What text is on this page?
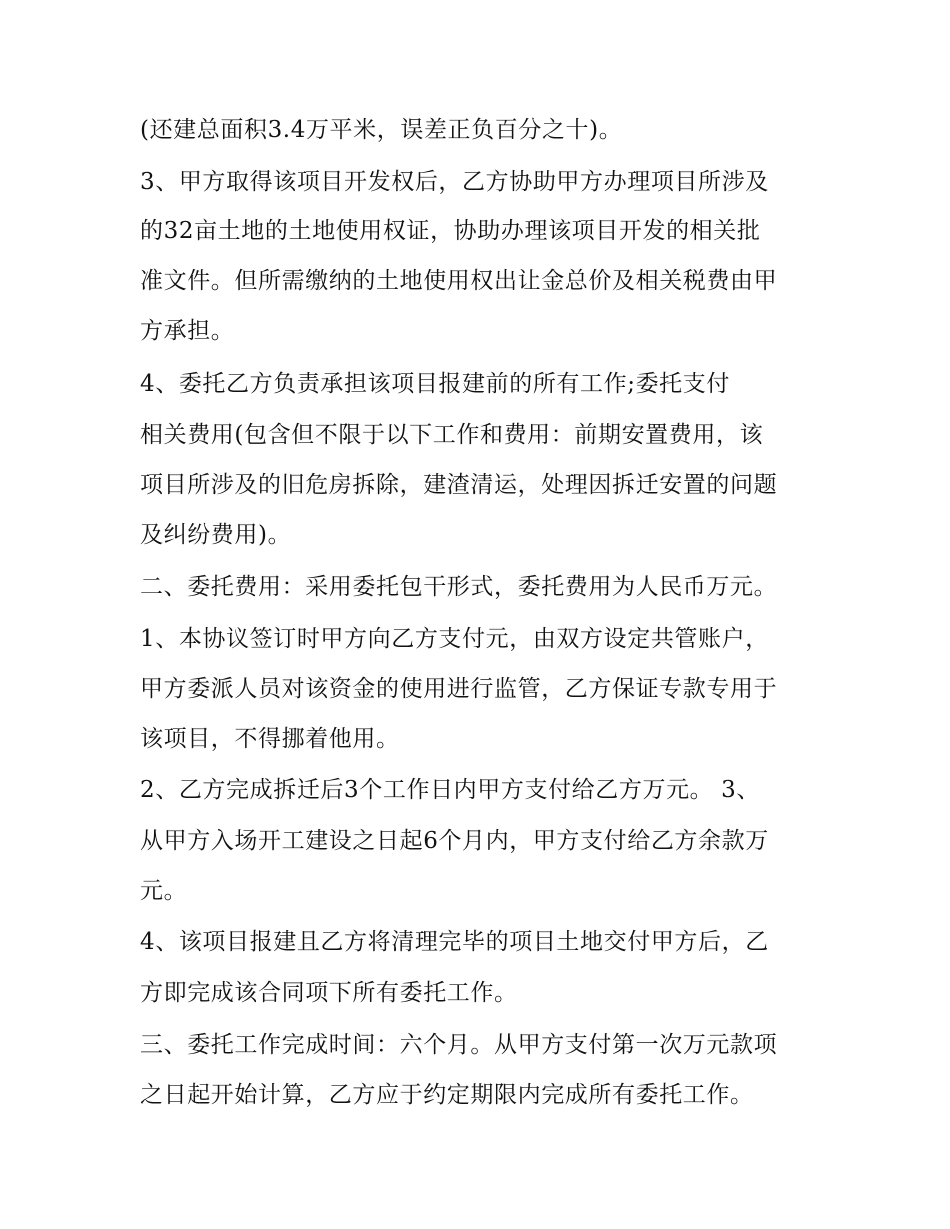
(还建总面积3.4万平米，误差正负百分之十)。
3、甲方取得该项目开发权后，乙方协助甲方办理项目所涉及
的32亩土地的土地使用权证，协助办理该项目开发的相关批
准文件。但所需缴纳的土地使用权出让金总价及相关税费由甲
方承担。
4、委托乙方负责承担该项目报建前的所有工作;委托支付
相关费用(包含但不限于以下工作和费用：前期安置费用，该
项目所涉及的旧危房拆除，建渣清运，处理因拆迁安置的问题
及纠纷费用)。
二、委托费用：采用委托包干形式，委托费用为人民币万元。
1、本协议签订时甲方向乙方支付元，由双方设定共管账户，
甲方委派人员对该资金的使用进行监管，乙方保证专款专用于
该项目，不得挪着他用。
2、乙方完成拆迁后3个工作日内甲方支付给乙方万元。 3、
从甲方入场开工建设之日起6个月内，甲方支付给乙方余款万
元。
4、该项目报建且乙方将清理完毕的项目土地交付甲方后，乙
方即完成该合同项下所有委托工作。
三、委托工作完成时间：六个月。从甲方支付第一次万元款项
之日起开始计算，乙方应于约定期限内完成所有委托工作。
